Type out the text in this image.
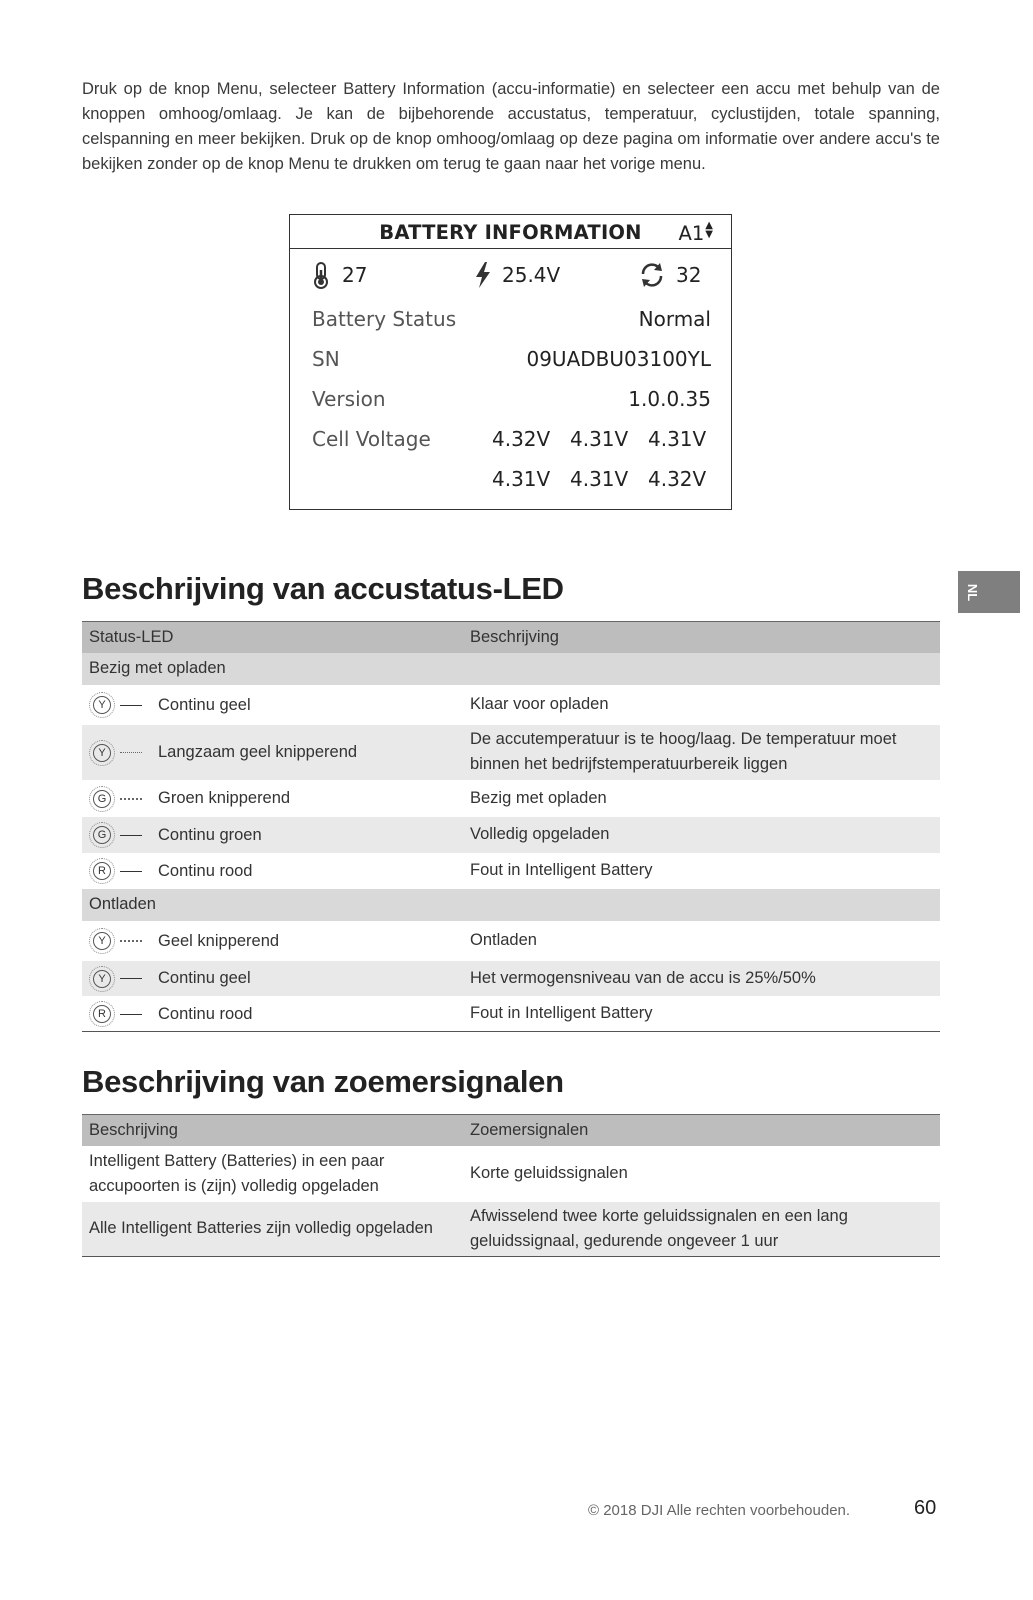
Druk op de knop Menu, selecteer Battery Information (accu-informatie) en selecteer een accu met behulp van de knoppen omhoog/omlaag. Je kan de bijbehorende accustatus, temperatuur, cyclustijden, totale spanning, celspanning en meer bekijken. Druk op de knop omhoog/omlaag op deze pagina om informatie over andere accu's te bekijken zonder op de knop Menu te drukken om terug te gaan naar het vorige menu.

BATTERY INFORMATION	A1▲
▼
27	25.4V	32
Battery Status	Normal
SN	09UADBU03100YL
Version	1.0.0.35
Cell Voltage	4.32V 4.31V 4.31V
4.31V 4.31V 4.32V
Beschrijving van accustatus-LED	NL
Status-LED	Beschrijving
Bezig met opladen	

Y Continu geel	Klaar voor opladen

Y Langzaam geel knipperend	De accutemperatuur is te hoog/laag. De temperatuur moet binnen het bedrijfstemperatuurbereik liggen

G Groen knipperend	Bezig met opladen

G Continu groen	Volledig opgeladen

R Continu rood	Fout in Intelligent Battery
Ontladen	

Y Geel knipperend	Ontladen

Y Continu geel	Het vermogensniveau van de accu is 25%/50%

R Continu rood	Fout in Intelligent Battery
Beschrijving van zoemersignalen
Beschrijving	Zoemersignalen
Intelligent Battery (Batteries) in een paar accupoorten is (zijn) volledig opgeladen	Korte geluidssignalen
Alle Intelligent Batteries zijn volledig opgeladen	Afwisselend twee korte geluidssignalen en een lang geluidssignaal, gedurende ongeveer 1 uur
© 2018 DJI Alle rechten voorbehouden.	60
